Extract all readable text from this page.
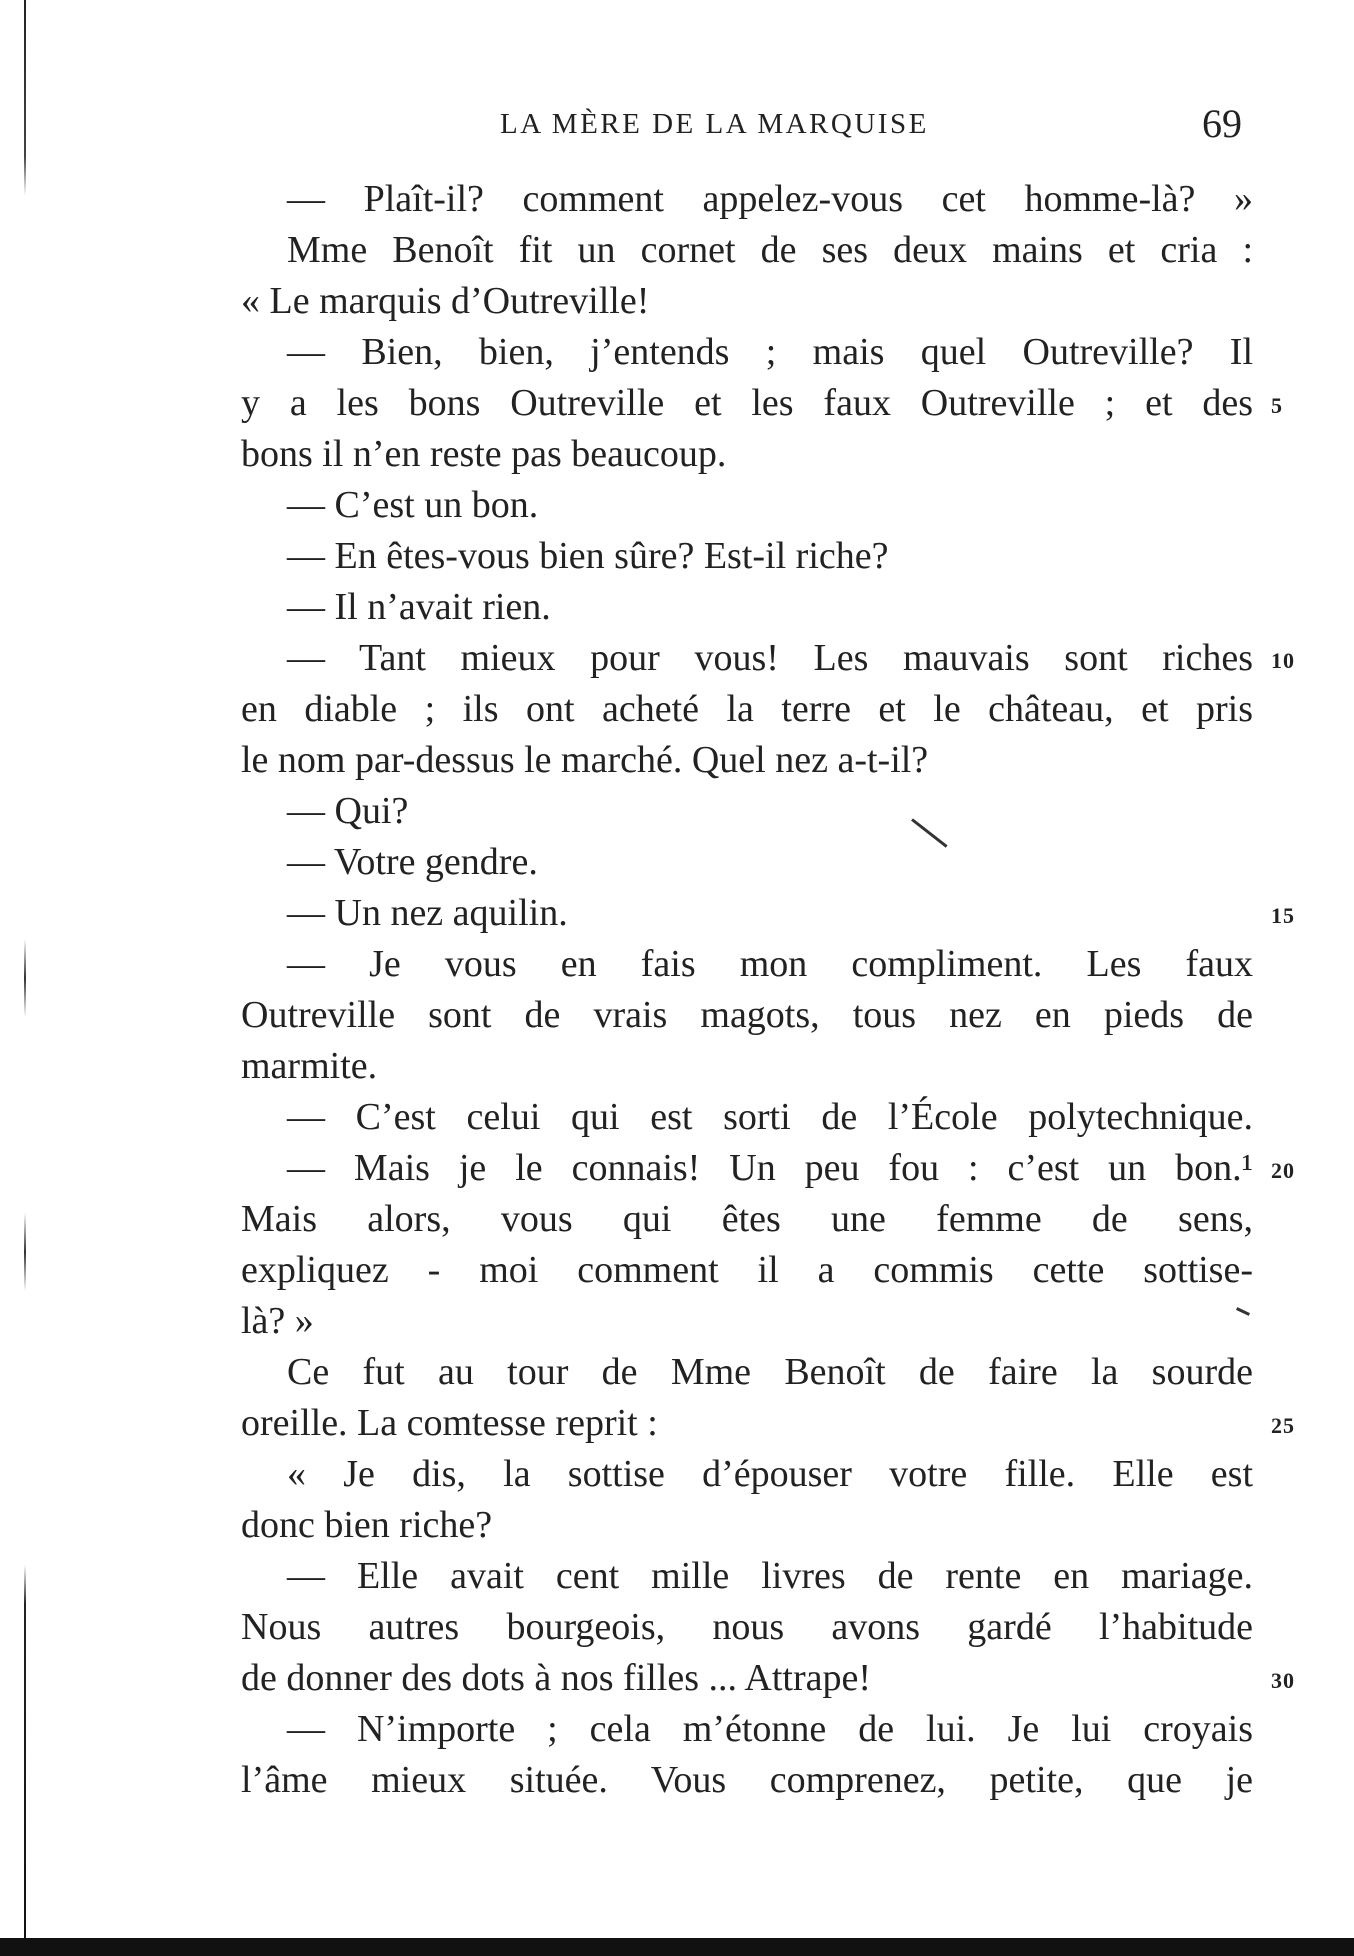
LA MÈRE DE LA MARQUISE	69
— Plaît-il? comment appelez-vous cet homme-là? »
Mme Benoît fit un cornet de ses deux mains et cria :
« Le marquis d’Outreville!
— Bien, bien, j’entends ; mais quel Outreville? Il
y a les bons Outreville et les faux Outreville ; et des 5
bons il n’en reste pas beaucoup.
— C’est un bon.
— En êtes-vous bien sûre? Est-il riche?
— Il n’avait rien.
— Tant mieux pour vous! Les mauvais sont riches 10
en diable ; ils ont acheté la terre et le château, et pris
le nom par-dessus le marché. Quel nez a-t-il?
— Qui?
— Votre gendre.
— Un nez aquilin.	15
— Je vous en fais mon compliment. Les faux
Outreville sont de vrais magots, tous nez en pieds de
marmite.
— C’est celui qui est sorti de l’École polytechnique.
— Mais je le connais! Un peu fou : c’est un bon.¹ 20
Mais alors, vous qui êtes une femme de sens,
expliquez - moi comment il a commis cette sottise-
là? »
Ce fut au tour de Mme Benoît de faire la sourde
oreille. La comtesse reprit :	25
« Je dis, la sottise d’épouser votre fille. Elle est
donc bien riche?
— Elle avait cent mille livres de rente en mariage.
Nous autres bourgeois, nous avons gardé l’habitude
de donner des dots à nos filles ... Attrape!	30
— N’importe ; cela m’étonne de lui. Je lui croyais
l’âme mieux située. Vous comprenez, petite, que je
